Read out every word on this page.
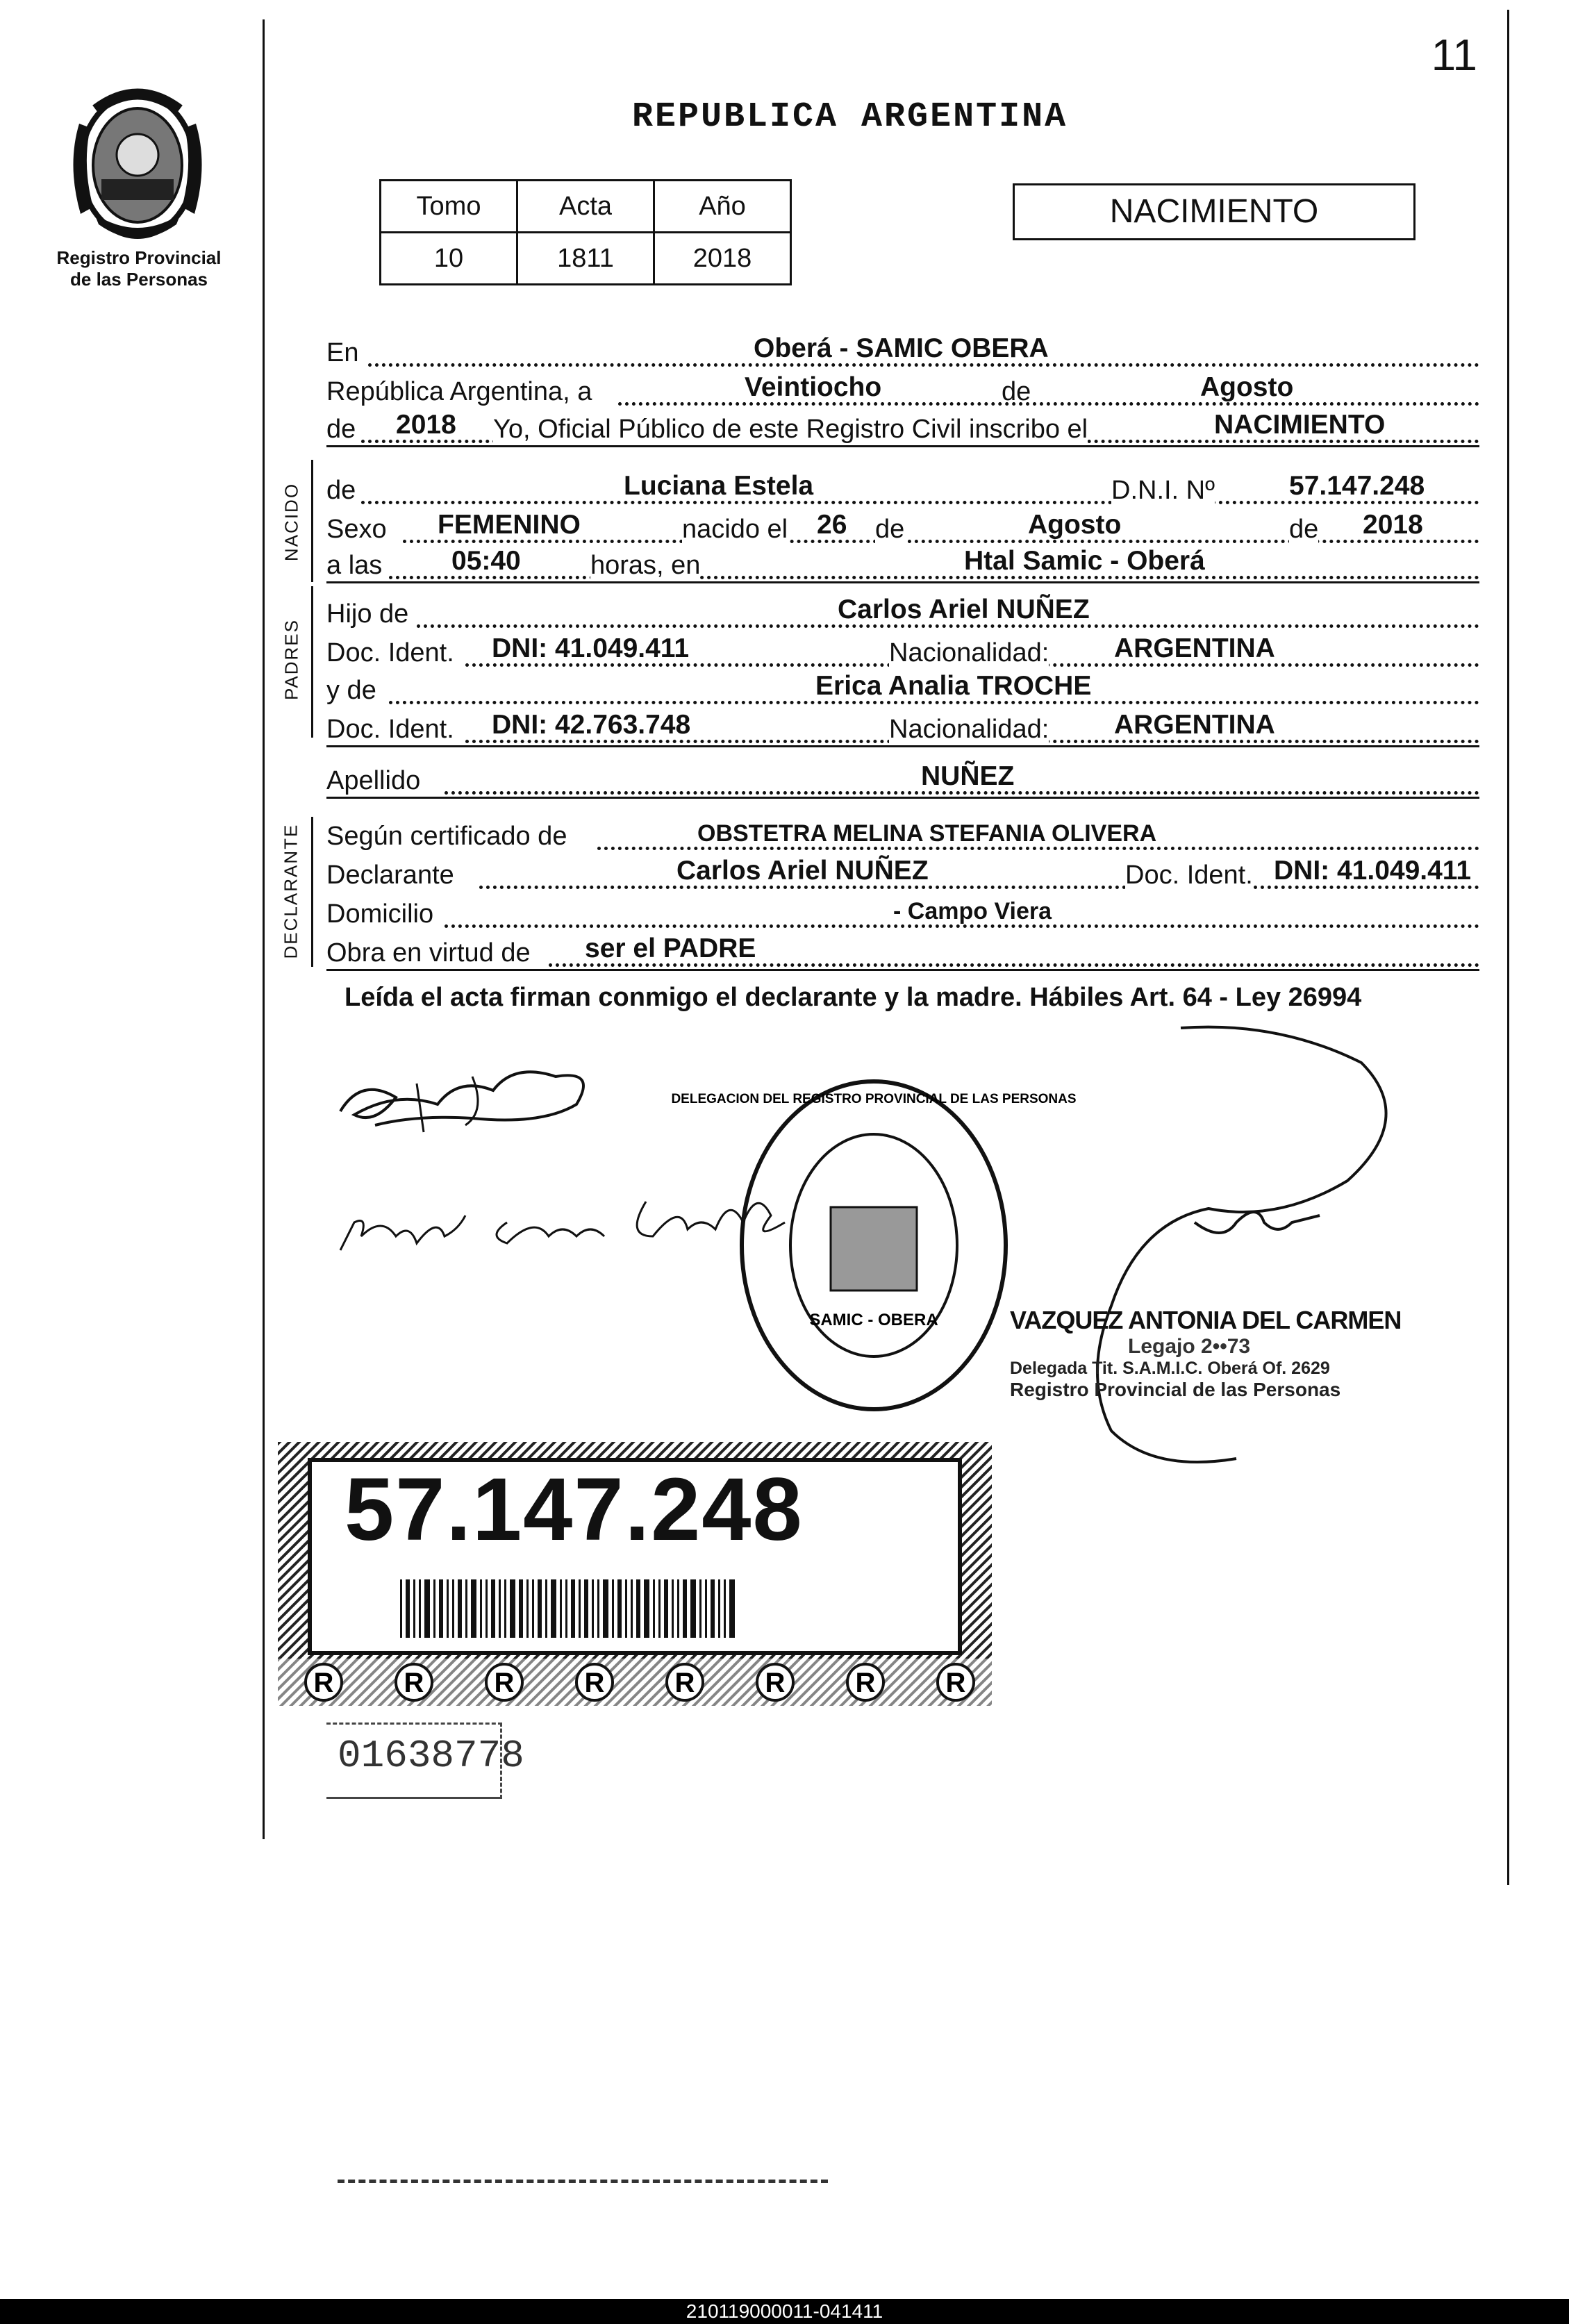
11
REPUBLICA ARGENTINA
Registro Provincial
de las Personas
Tomo	Acta	Año
10	1811	2018
NACIMIENTO
En	Oberá - SAMIC OBERA
República Argentina, a	Veintiocho	de	Agosto
de 2018 Yo, Oficial Público de este Registro Civil inscribo el	NACIMIENTO
NACIDO de	Luciana Estela	D.N.I. Nº	57.147.248
Sexo FEMENINO	nacido el 26 de	Agosto	de 2018
a las	05:40	horas, en	Htal Samic - Oberá
PADRES
Hijo de	Carlos Ariel NUÑEZ
Doc. Ident. DNI: 41.049.411	Nacionalidad: ARGENTINA
y de	Erica Analia TROCHE
Doc. Ident. DNI: 42.763.748	Nacionalidad: ARGENTINA
Apellido	NUÑEZ
DECLARANTE Según certificado de	OBSTETRA MELINA STEFANIA OLIVERA
Declarante	Carlos Ariel NUÑEZ	Doc. Ident. DNI: 41.049.411
Domicilio	- Campo Viera
Obra en virtud de ser el PADRE
Leída el acta firman conmigo el declarante y la madre. Hábiles Art. 64 - Ley 26994
SAMIC - OBERA
DELEGACION DEL REGISTRO PROVINCIAL DE LAS PERSONAS
VAZQUEZ ANTONIA DEL CARMEN
Legajo 2••73
Delegada Tit. S.A.M.I.C. Oberá Of. 2629
Registro Provincial de las Personas
R	R	R	R	R	R	R	R
57.147.248
01638778
210119000011-041411
